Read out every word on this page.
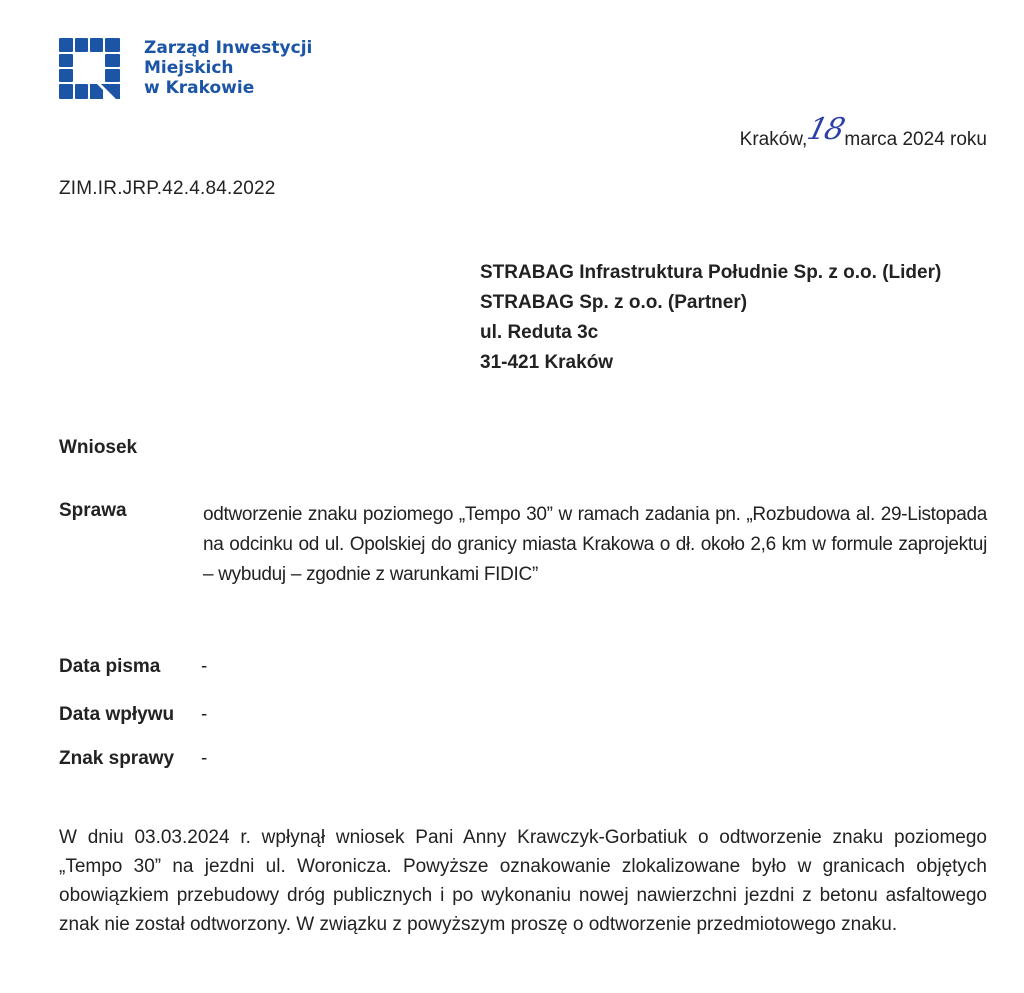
Zarząd Inwestycji
Miejskich
w Krakowie
Kraków,18marca 2024 roku
ZIM.IR.JRP.42.4.84.2022
STRABAG Infrastruktura Południe Sp. z o.o. (Lider)
STRABAG Sp. z o.o. (Partner)
ul. Reduta 3c
31-421 Kraków
Wniosek
Sprawa	odtworzenie znaku poziomego „Tempo 30” w ramach zadania pn. „Rozbudowa al. 29-Listopada na odcinku od ul. Opolskiej do granicy miasta Krakowa o dł. około 2,6 km w formule zaprojektuj – wybuduj – zgodnie z warunkami FIDIC”
Data pisma -
Data wpływu -
Znak sprawy -
W dniu 03.03.2024 r. wpłynął wniosek Pani Anny Krawczyk-Gorbatiuk o odtworzenie znaku poziomego „Tempo 30” na jezdni ul. Woronicza. Powyższe oznakowanie zlokalizowane było w granicach objętych obowiązkiem przebudowy dróg publicznych i po wykonaniu nowej nawierzchni jezdni z betonu asfaltowego znak nie został odtworzony. W związku z powyższym proszę o odtworzenie przedmiotowego znaku.
